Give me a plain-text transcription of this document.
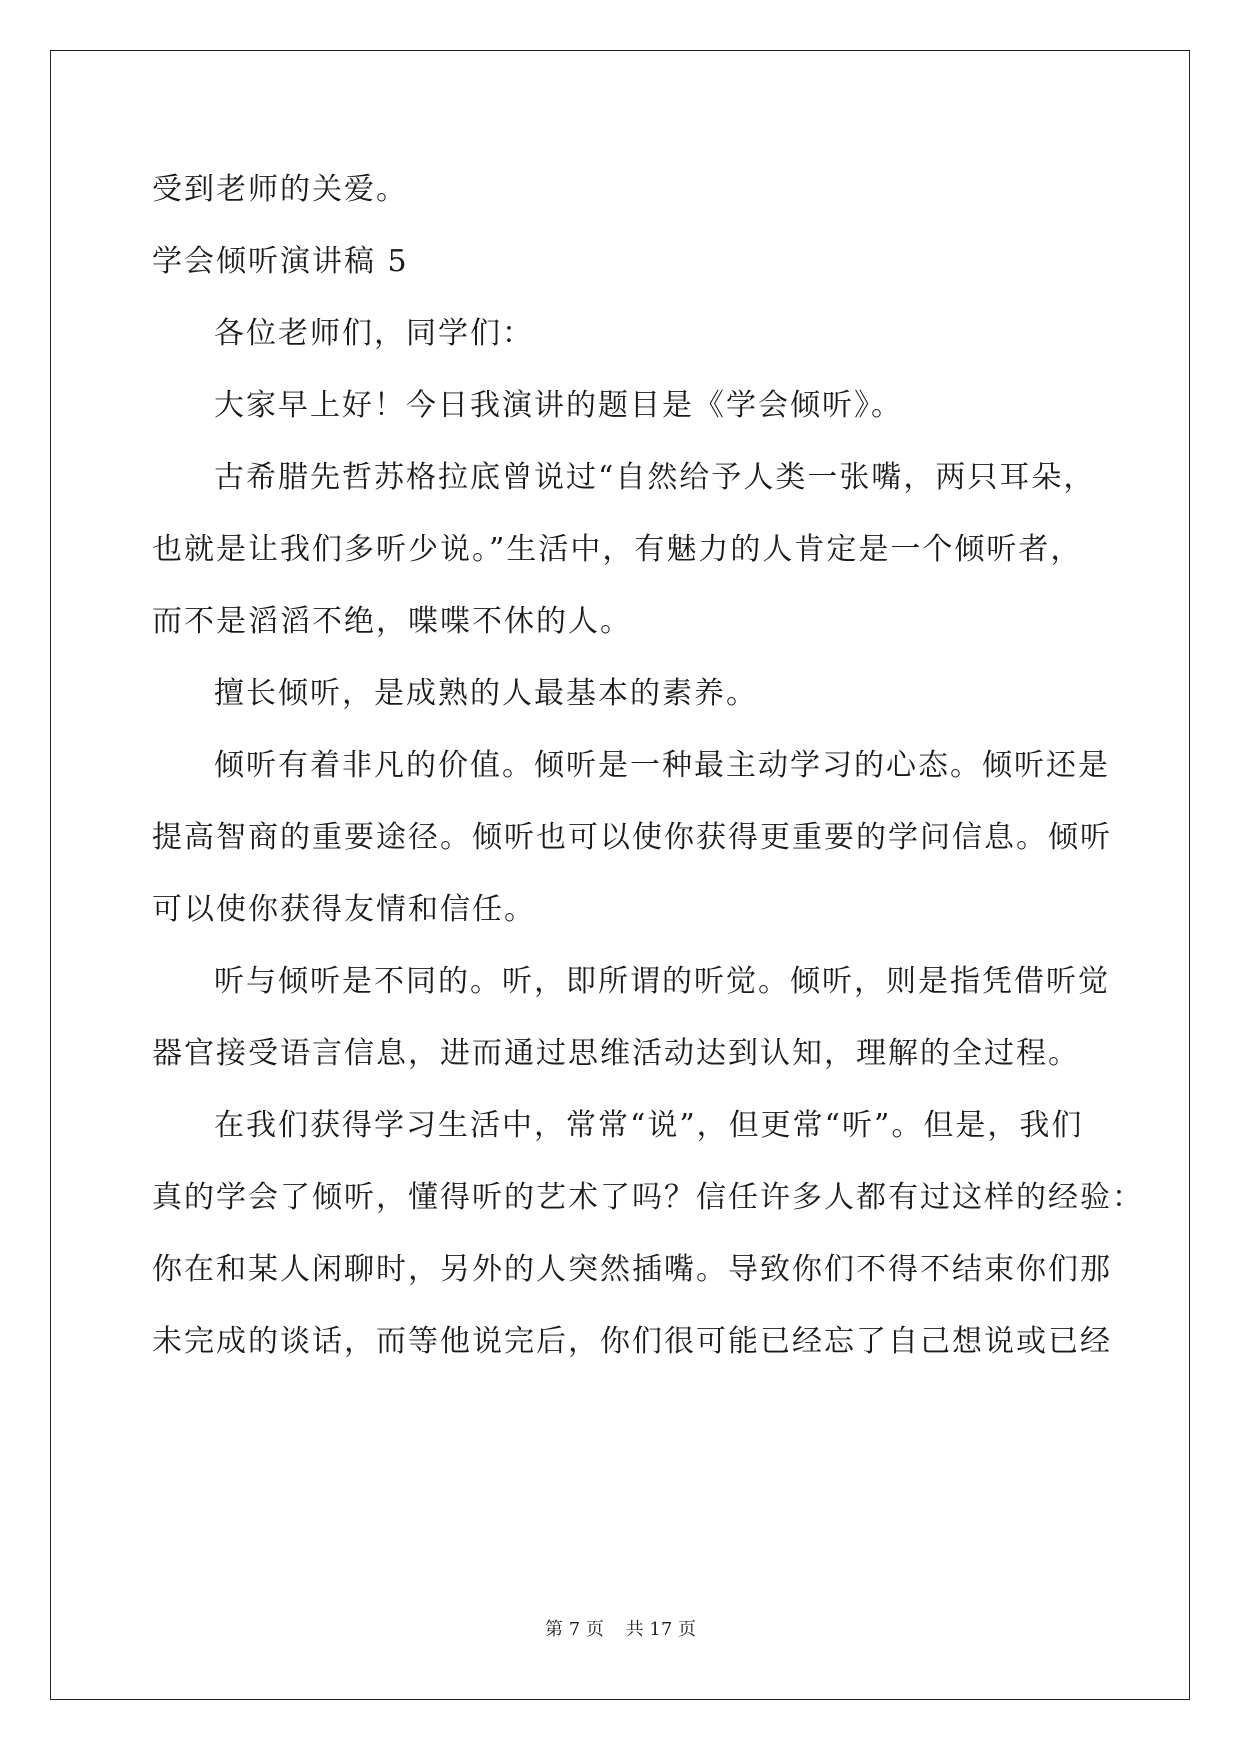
受到老师的关爱。
学会倾听演讲稿 5
各位老师们，同学们：
大家早上好！今日我演讲的题目是《学会倾听》。
古希腊先哲苏格拉底曾说过“自然给予人类一张嘴，两只耳朵，
也就是让我们多听少说。”生活中，有魅力的人肯定是一个倾听者，
而不是滔滔不绝，喋喋不休的人。
擅长倾听，是成熟的人最基本的素养。
倾听有着非凡的价值。倾听是一种最主动学习的心态。倾听还是
提高智商的重要途径。倾听也可以使你获得更重要的学问信息。倾听
可以使你获得友情和信任。
听与倾听是不同的。听，即所谓的听觉。倾听，则是指凭借听觉
器官接受语言信息，进而通过思维活动达到认知，理解的全过程。
在我们获得学习生活中，常常“说”，但更常“听”。但是，我们
真的学会了倾听，懂得听的艺术了吗？信任许多人都有过这样的经验：
你在和某人闲聊时，另外的人突然插嘴。导致你们不得不结束你们那
未完成的谈话，而等他说完后，你们很可能已经忘了自己想说或已经
第 7 页 共 17 页
